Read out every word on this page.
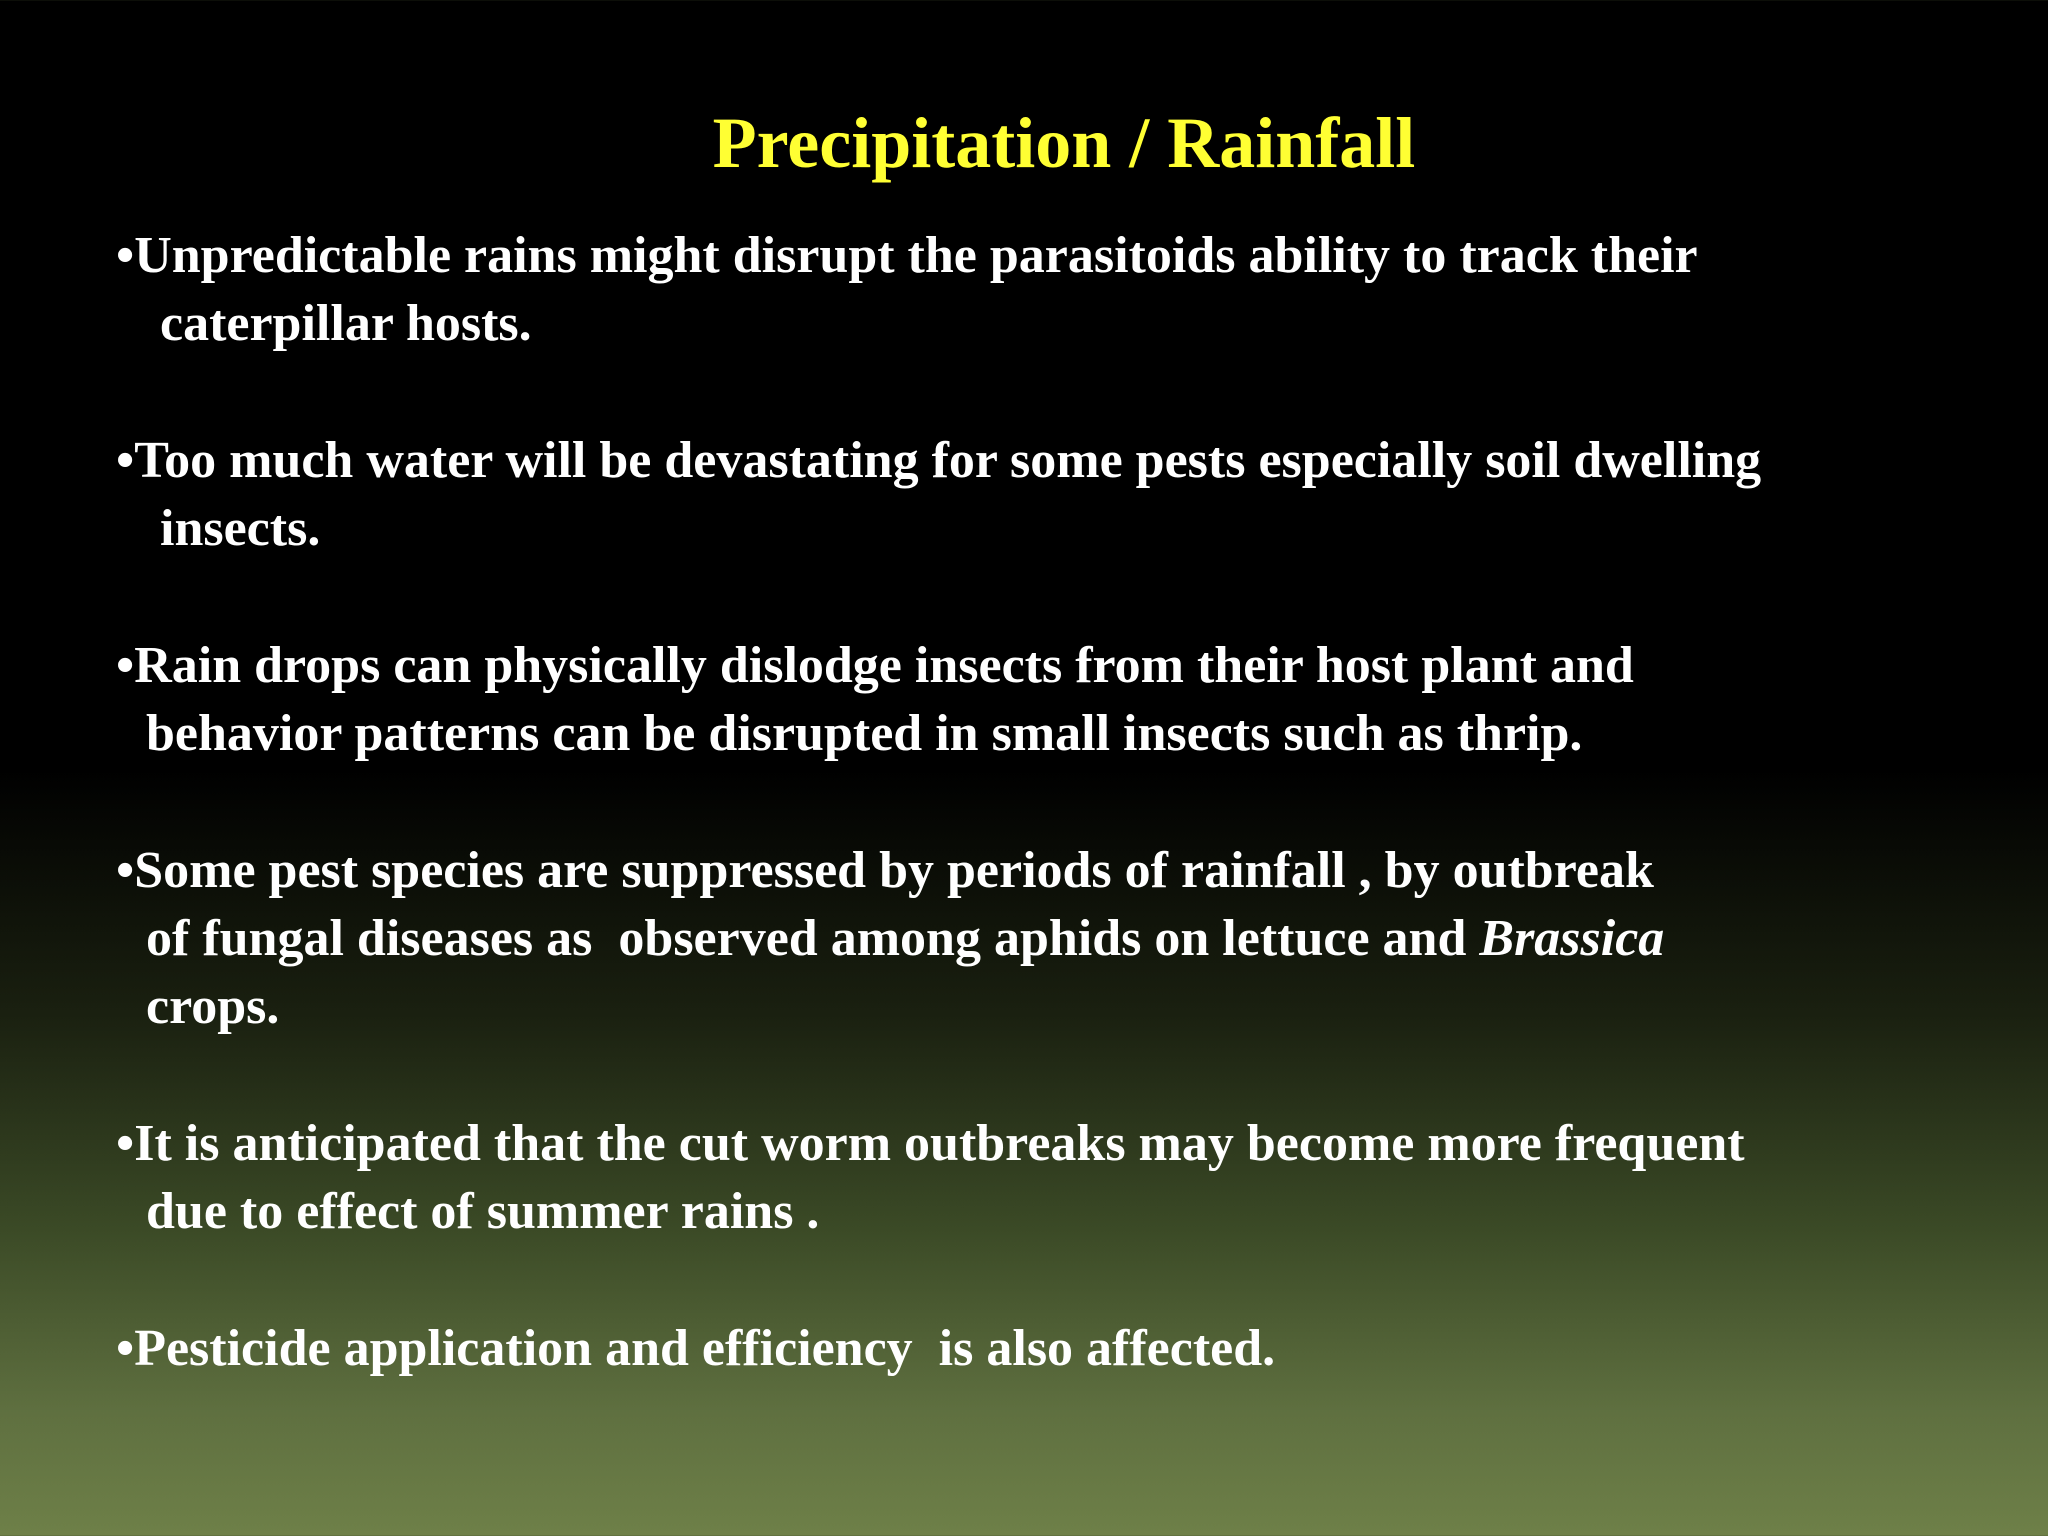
Precipitation / Rainfall
•Unpredictable rains might disrupt the parasitoids ability to track their
caterpillar hosts.
•Too much water will be devastating for some pests especially soil dwelling
insects.
•Rain drops can physically dislodge insects from their host plant and
behavior patterns can be disrupted in small insects such as thrip.
•Some pest species are suppressed by periods of rainfall , by outbreak
of fungal diseases as  observed among aphids on lettuce and Brassica
crops.
•It is anticipated that the cut worm outbreaks may become more frequent
due to effect of summer rains .
•Pesticide application and efficiency  is also affected.
